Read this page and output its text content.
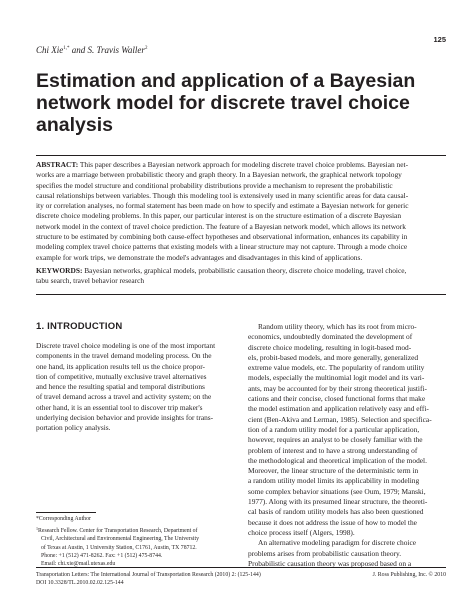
125
Chi Xie$^{1,*}$ and S. Travis Waller$^2$
Estimation and application of a Bayesian
network model for discrete travel choice
analysis
ABSTRACT: This paper describes a Bayesian network approach for modeling discrete travel choice problems. Bayesian net-
works are a marriage between probabilistic theory and graph theory. In a Bayesian network, the graphical network topology
specifies the model structure and conditional probability distributions provide a mechanism to represent the probabilistic
causal relationships between variables. Though this modeling tool is extensively used in many scientific areas for data causal-
ity or correlation analyses, no formal statement has been made on how to specify and estimate a Bayesian network for generic
discrete choice modeling problems. In this paper, our particular interest is on the structure estimation of a discrete Bayesian
network model in the context of travel choice prediction. The feature of a Bayesian network model, which allows its network
structure to be estimated by combining both cause-effect hypotheses and observational information, enhances its capability in
modeling complex travel choice patterns that existing models with a linear structure may not capture. Through a mode choice
example for work trips, we demonstrate the model's advantages and disadvantages in this kind of applications.
KEYWORDS: Bayesian networks, graphical models, probabilistic causation theory, discrete choice modeling, travel choice,
tabu search, travel behavior research
1. INTRODUCTION
Discrete travel choice modeling is one of the most important
components in the travel demand modeling process. On the
one hand, its application results tell us the choice propor-
tion of competitive, mutually exclusive travel alternatives
and hence the resulting spatial and temporal distributions
of travel demand across a travel and activity system; on the
other hand, it is an essential tool to discover trip maker's
underlying decision behavior and provide insights for trans-
portation policy analysis.
*Corresponding Author
$^1$Research Fellow. Center for Transportation Research, Department of
Civil, Architectural and Environmental Engineering, The University
of Texas at Austin, 1 University Station, C1761, Austin, TX 78712.
Phone: +1 (512) 471-8262. Fax: +1 (512) 475-8744.
Email: chi.xie@mail.utexas.edu
Random utility theory, which has its root from micro-
economics, undoubtedly dominated the development of
discrete choice modeling, resulting in logit-based mod-
els, probit-based models, and more generally, generalized
extreme value models, etc. The popularity of random utility
models, especially the multinomial logit model and its vari-
ants, may be accounted for by their strong theoretical justifi-
cations and their concise, closed functional forms that make
the model estimation and application relatively easy and effi-
cient (Ben-Akiva and Lerman, 1985). Selection and specifica-
tion of a random utility model for a particular application,
however, requires an analyst to be closely familiar with the
problem of interest and to have a strong understanding of
the methodological and theoretical implication of the model.
Moreover, the linear structure of the deterministic term in
a random utility model limits its applicability in modeling
some complex behavior situations (see Oum, 1979; Manski,
1977). Along with its presumed linear structure, the theoreti-
cal basis of random utility models has also been questioned
because it does not address the issue of how to model the
choice process itself (Algers, 1998).
An alternative modeling paradigm for discrete choice
problems arises from probabilistic causation theory.
Probabilistic causation theory was proposed based on a
Transportation Letters: The International Journal of Transportation Research (2010) 2: (125-144)
DOI 10.3328/TL.2010.02.02.125-144
J. Ross Publishing, Inc. © 2010
